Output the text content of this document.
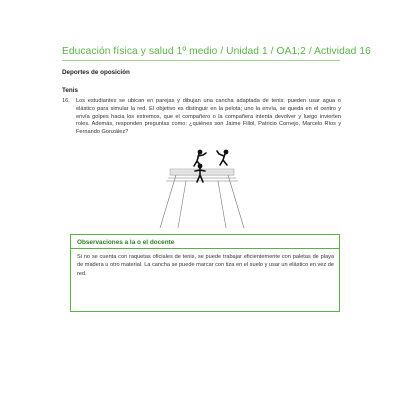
Educación física y salud 1º medio / Unidad 1 / OA1;2 / Actividad 16
Deportes de oposición
Tenis
16. Los estudiantes se ubican en parejas y dibujan una cancha adaptada de tenis; pueden usar agua o elástico para simular la red. El objetivo es distinguir en la pelota; uno la envía, se queda en el centro y envía golpes hacia los extremos, que el compañero o la compañera intenta devolver y luego invierten roles. Además, responden preguntas como: ¿quiénes son Jaime Fillol, Patricio Cornejo, Marcelo Ríos y Fernando González?
Observaciones a la o el docente
Si no se cuenta con raquetas oficiales de tenis, se puede trabajar eficientemente con paletas de playa de madera u otro material. La cancha se puede marcar con tiza en el suelo y usar un elástico en vez de red.
